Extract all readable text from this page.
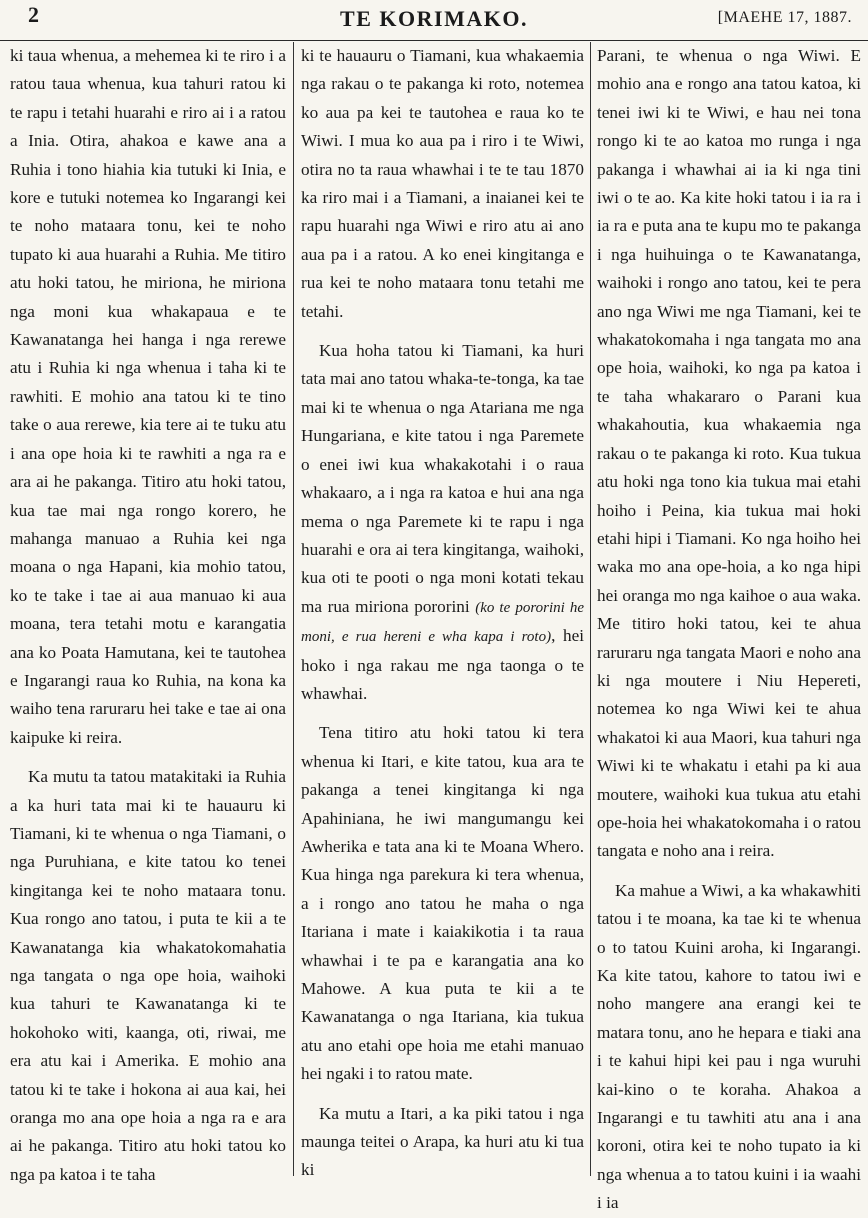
2	TE KORIMAKO.	[MAEHE 17, 1887.

ki taua whenua, a mehemea ki te riro i a ratou taua whenua, kua tahuri ratou ki te rapu i tetahi huarahi e riro ai i a ratou a Inia. Otira, ahakoa e kawe ana a Ruhia i tono hiahia kia tutuki ki Inia, e kore e tutuki notemea ko Ingarangi kei te noho mataara tonu, kei te noho tupato ki aua huarahi a Ruhia. Me titiro atu hoki tatou, he miriona, he miriona nga moni kua whakapaua e te Kawanatanga hei hanga i nga rerewe atu i Ruhia ki nga whenua i taha ki te rawhiti. E mohio ana tatou ki te tino take o aua rerewe, kia tere ai te tuku atu i ana ope hoia ki te rawhiti a nga ra e ara ai he pakanga. Titiro atu hoki tatou, kua tae mai nga rongo korero, he mahanga manuao a Ruhia kei nga moana o nga Hapani, kia mohio tatou, ko te take i tae ai aua manuao ki aua moana, tera tetahi motu e karangatia ana ko Poata Hamutana, kei te tautohea e Ingarangi raua ko Ruhia, na kona ka waiho tena raruraru hei take e tae ai ona kaipuke ki reira.

Ka mutu ta tatou matakitaki ia Ruhia a ka huri tata mai ki te hauauru ki Tiamani, ki te whenua o nga Tiamani, o nga Puruhiana, e kite tatou ko tenei kingitanga kei te noho mataara tonu. Kua rongo ano tatou, i puta te kii a te Kawanatanga kia whakatokomahatia nga tangata o nga ope hoia, waihoki kua tahuri te Kawanatanga ki te hokohoko witi, kaanga, oti, riwai, me era atu kai i Amerika. E mohio ana tatou ki te take i hokona ai aua kai, hei oranga mo ana ope hoia a nga ra e ara ai he pakanga. Titiro atu hoki tatou ko nga pa katoa i te taha

ki te hauauru o Tiamani, kua whakaemia nga rakau o te pakanga ki roto, notemea ko aua pa kei te tautohea e raua ko te Wiwi. I mua ko aua pa i riro i te Wiwi, otira no ta raua whawhai i te te tau 1870 ka riro mai i a Tiamani, a inaianei kei te rapu huarahi nga Wiwi e riro atu ai ano aua pa i a ratou. A ko enei kingitanga e rua kei te noho mataara tonu tetahi me tetahi.

Kua hoha tatou ki Tiamani, ka huri tata mai ano tatou whaka-te-tonga, ka tae mai ki te whenua o nga Atariana me nga Hungariana, e kite tatou i nga Paremete o enei iwi kua whakakotahi i o raua whakaaro, a i nga ra katoa e hui ana nga mema o nga Paremete ki te rapu i nga huarahi e ora ai tera kingitanga, waihoki, kua oti te pooti o nga moni kotati tekau ma rua miriona pororini (ko te pororini he moni, e rua hereni e wha kapa i roto), hei hoko i nga rakau me nga taonga o te whawhai.

Tena titiro atu hoki tatou ki tera whenua ki Itari, e kite tatou, kua ara te pakanga a tenei kingitanga ki nga Apahiniana, he iwi mangumangu kei Awherika e tata ana ki te Moana Whero. Kua hinga nga parekura ki tera whenua, a i rongo ano tatou he maha o nga Itariana i mate i kaiakikotia i ta raua whawhai i te pa e karangatia ana ko Mahowe. A kua puta te kii a te Kawanatanga o nga Itariana, kia tukua atu ano etahi ope hoia me etahi manuao hei ngaki i to ratou mate.

Ka mutu a Itari, a ka piki tatou i nga maunga teitei o Arapa, ka huri atu ki tua ki

Parani, te whenua o nga Wiwi. E mohio ana e rongo ana tatou katoa, ki tenei iwi ki te Wiwi, e hau nei tona rongo ki te ao katoa mo runga i nga pakanga i whawhai ai ia ki nga tini iwi o te ao. Ka kite hoki tatou i ia ra i ia ra e puta ana te kupu mo te pakanga i nga huihuinga o te Kawanatanga, waihoki i rongo ano tatou, kei te pera ano nga Wiwi me nga Tiamani, kei te whakatokomaha i nga tangata mo ana ope hoia, waihoki, ko nga pa katoa i te taha whakararo o Parani kua whakahoutia, kua whakaemia nga rakau o te pakanga ki roto. Kua tukua atu hoki nga tono kia tukua mai etahi hoiho i Peina, kia tukua mai hoki etahi hipi i Tiamani. Ko nga hoiho hei waka mo ana ope-hoia, a ko nga hipi hei oranga mo nga kaihoe o aua waka. Me titiro hoki tatou, kei te ahua raruraru nga tangata Maori e noho ana ki nga moutere i Niu Hepereti, notemea ko nga Wiwi kei te ahua whakatoi ki aua Maori, kua tahuri nga Wiwi ki te whakatu i etahi pa ki aua moutere, waihoki kua tukua atu etahi ope-hoia hei whakatokomaha i o ratou tangata e noho ana i reira.

Ka mahue a Wiwi, a ka whakawhiti tatou i te moana, ka tae ki te whenua o to tatou Kuini aroha, ki Ingarangi. Ka kite tatou, kahore to tatou iwi e noho mangere ana erangi kei te matara tonu, ano he hepara e tiaki ana i te kahui hipi kei pau i nga wuruhi kai-kino o te koraha. Ahakoa a Ingarangi e tu tawhiti atu ana i ana koroni, otira kei te noho tupato ia ki nga whenua a to tatou kuini i ia waahi i ia
